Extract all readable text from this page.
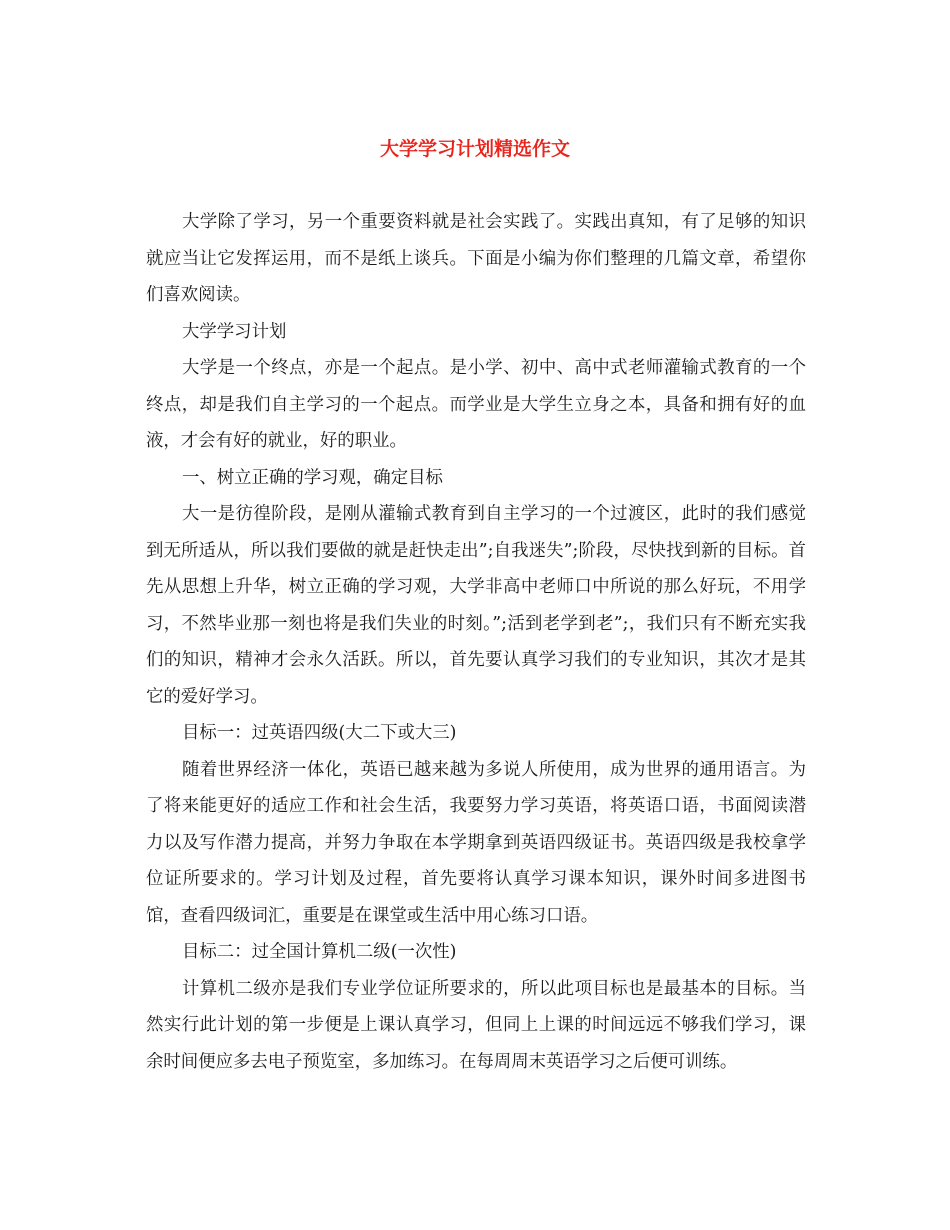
大学学习计划精选作文

大学除了学习，另一个重要资料就是社会实践了。实践出真知，有了足够的知识就应当让它发挥运用，而不是纸上谈兵。下面是小编为你们整理的几篇文章，希望你们喜欢阅读。

大学学习计划

大学是一个终点，亦是一个起点。是小学、初中、高中式老师灌输式教育的一个终点，却是我们自主学习的一个起点。而学业是大学生立身之本，具备和拥有好的血液，才会有好的就业，好的职业。

一、树立正确的学习观，确定目标

大一是彷徨阶段，是刚从灌输式教育到自主学习的一个过渡区，此时的我们感觉到无所适从，所以我们要做的就是赶快走出”;自我迷失”;阶段，尽快找到新的目标。首先从思想上升华，树立正确的学习观，大学非高中老师口中所说的那么好玩，不用学习，不然毕业那一刻也将是我们失业的时刻。”;活到老学到老”;，我们只有不断充实我们的知识，精神才会永久活跃。所以，首先要认真学习我们的专业知识，其次才是其它的爱好学习。

目标一：过英语四级(大二下或大三)

随着世界经济一体化，英语已越来越为多说人所使用，成为世界的通用语言。为了将来能更好的适应工作和社会生活，我要努力学习英语，将英语口语，书面阅读潜力以及写作潜力提高，并努力争取在本学期拿到英语四级证书。英语四级是我校拿学位证所要求的。学习计划及过程，首先要将认真学习课本知识，课外时间多进图书馆，查看四级词汇，重要是在课堂或生活中用心练习口语。

目标二：过全国计算机二级(一次性)

计算机二级亦是我们专业学位证所要求的，所以此项目标也是最基本的目标。当然实行此计划的第一步便是上课认真学习，但同上上课的时间远远不够我们学习，课余时间便应多去电子预览室，多加练习。在每周周末英语学习之后便可训练。
